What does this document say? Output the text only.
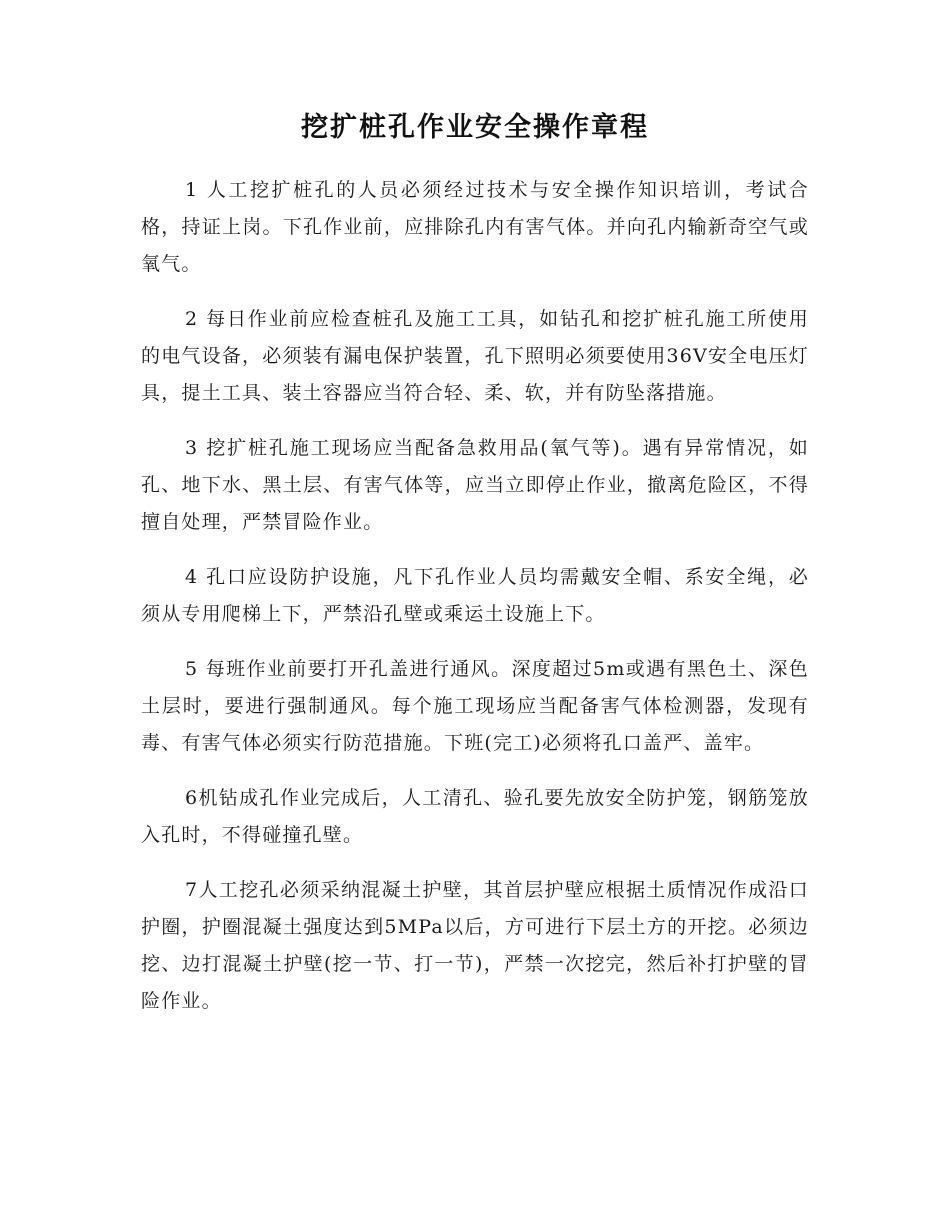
挖扩桩孔作业安全操作章程

1 人工挖扩桩孔的人员必须经过技术与安全操作知识培训，考试合格，持证上岗。下孔作业前，应排除孔内有害气体。并向孔内输新奇空气或氧气。

2 每日作业前应检查桩孔及施工工具，如钻孔和挖扩桩孔施工所使用的电气设备，必须装有漏电保护装置，孔下照明必须要使用36V安全电压灯具，提土工具、装土容器应当符合轻、柔、软，并有防坠落措施。

3 挖扩桩孔施工现场应当配备急救用品(氧气等)。遇有异常情况，如孔、地下水、黑土层、有害气体等，应当立即停止作业，撤离危险区，不得擅自处理，严禁冒险作业。

4 孔口应设防护设施，凡下孔作业人员均需戴安全帽、系安全绳，必须从专用爬梯上下，严禁沿孔壁或乘运土设施上下。

5 每班作业前要打开孔盖进行通风。深度超过5m或遇有黑色土、深色土层时，要进行强制通风。每个施工现场应当配备害气体检测器，发现有毒、有害气体必须实行防范措施。下班(完工)必须将孔口盖严、盖牢。

6机钻成孔作业完成后，人工清孔、验孔要先放安全防护笼，钢筋笼放入孔时，不得碰撞孔壁。

7人工挖孔必须采纳混凝土护壁，其首层护壁应根据土质情况作成沿口护圈，护圈混凝土强度达到5MPa以后，方可进行下层土方的开挖。必须边挖、边打混凝土护壁(挖一节、打一节)，严禁一次挖完，然后补打护壁的冒险作业。
